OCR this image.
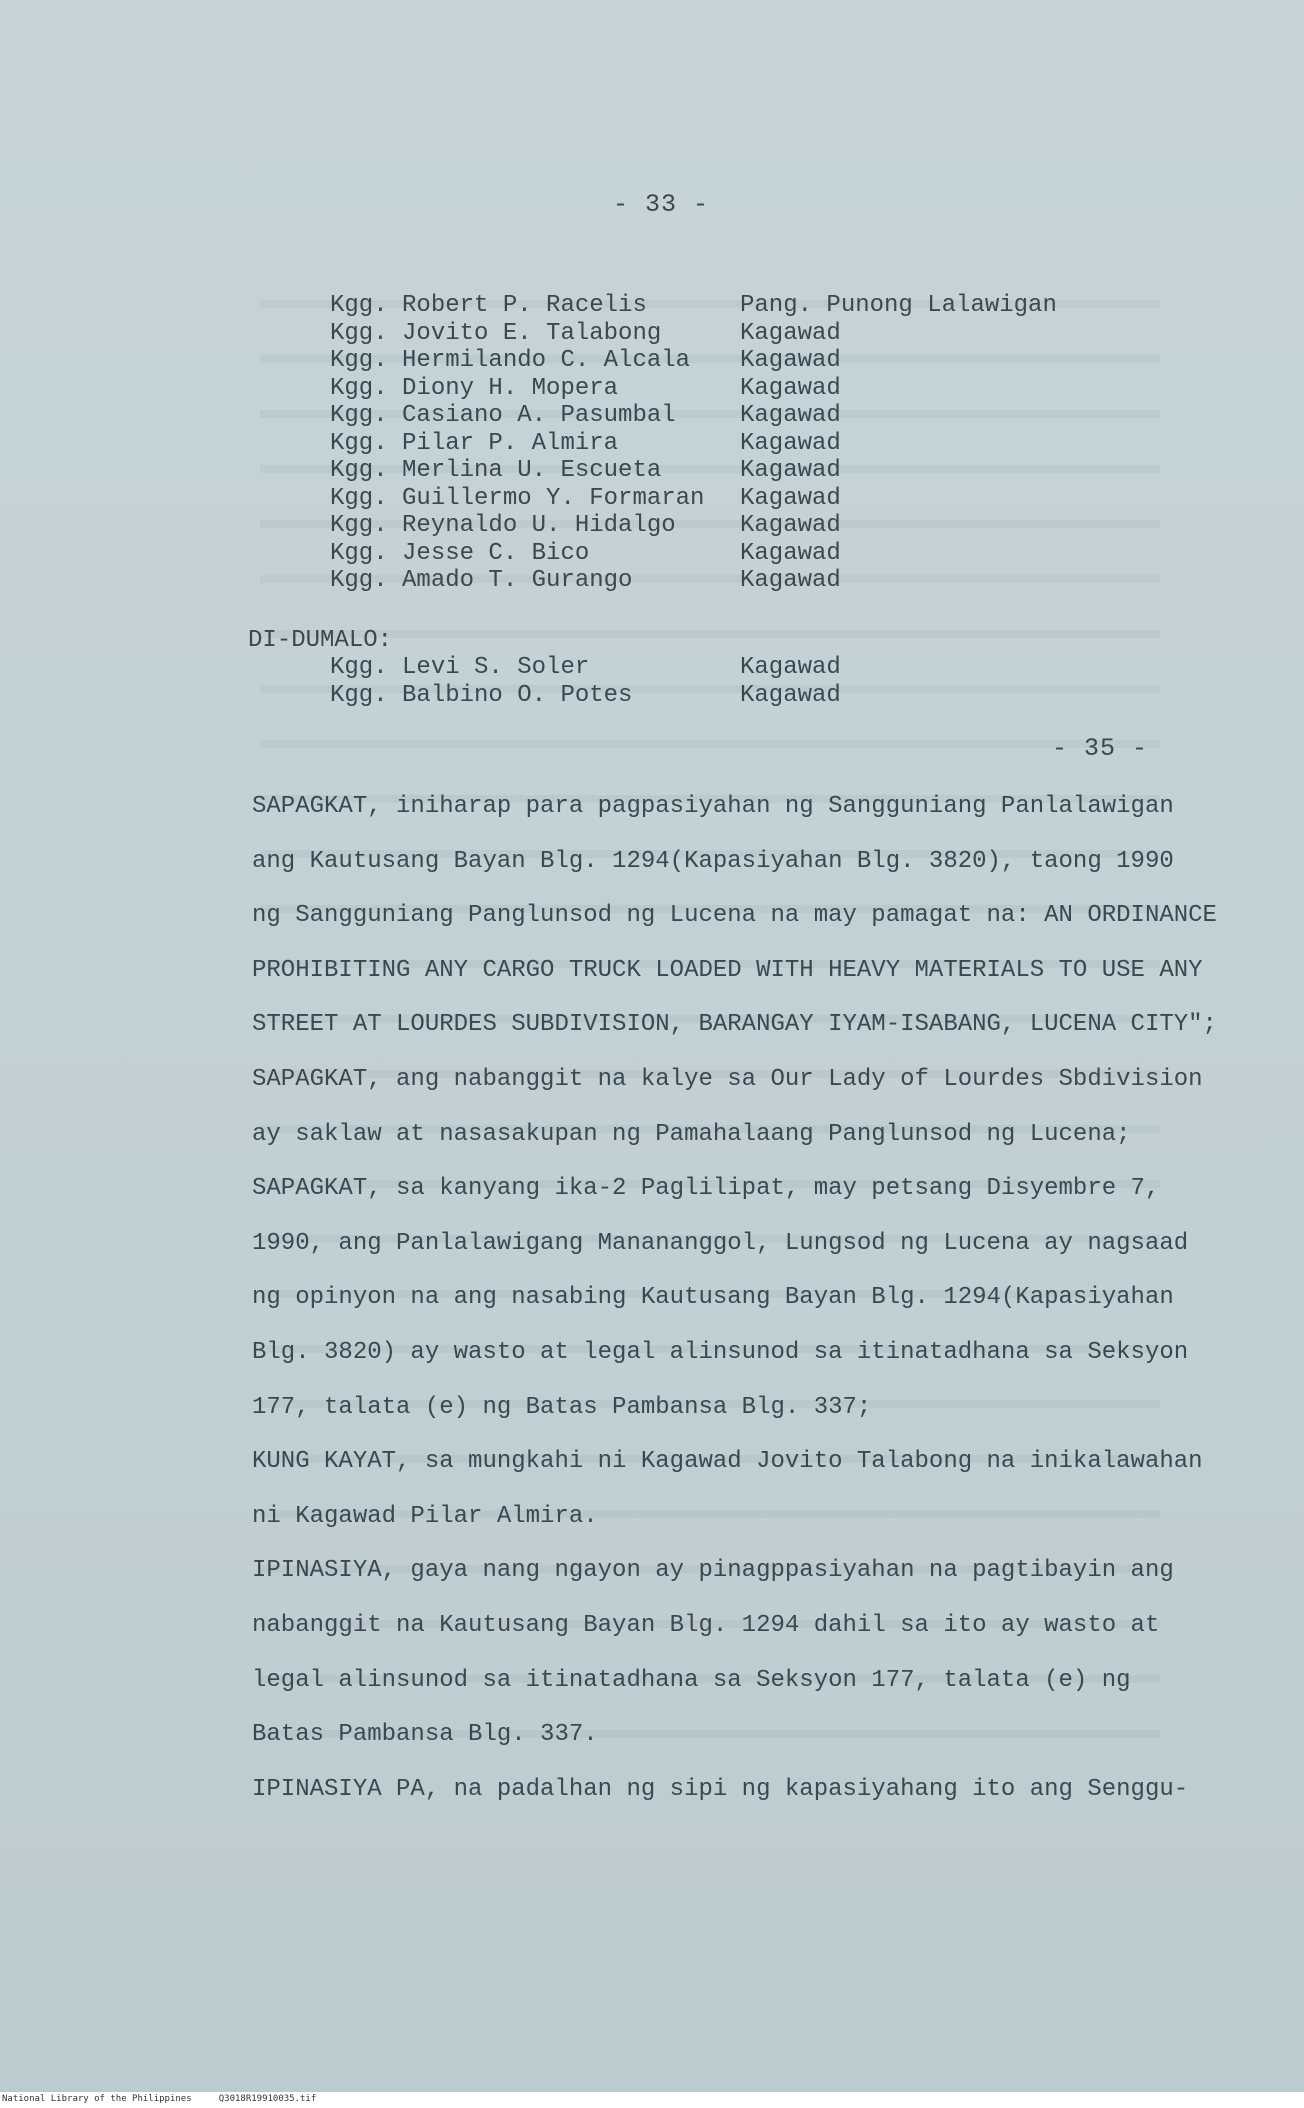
- 33 -
Kgg. Robert P. Racelis	Pang. Punong Lalawigan
Kgg. Jovito E. Talabong	Kagawad
Kgg. Hermilando C. Alcala	Kagawad
Kgg. Diony H. Mopera	Kagawad
Kgg. Casiano A. Pasumbal	Kagawad
Kgg. Pilar P. Almira	Kagawad
Kgg. Merlina U. Escueta	Kagawad
Kgg. Guillermo Y. Formaran	Kagawad
Kgg. Reynaldo U. Hidalgo	Kagawad
Kgg. Jesse C. Bico	Kagawad
Kgg. Amado T. Gurango	Kagawad
DI-DUMALO:
Kgg. Levi S. Soler	Kagawad
Kgg. Balbino O. Potes	Kagawad
- 35 -
SAPAGKAT, iniharap para pagpasiyahan ng Sangguniang Panlalawigan
ang Kautusang Bayan Blg. 1294(Kapasiyahan Blg. 3820), taong 1990
ng Sangguniang Panglunsod ng Lucena na may pamagat na: AN ORDINANCE
PROHIBITING ANY CARGO TRUCK LOADED WITH HEAVY MATERIALS TO USE ANY
STREET AT LOURDES SUBDIVISION, BARANGAY IYAM-ISABANG, LUCENA CITY";
SAPAGKAT, ang nabanggit na kalye sa Our Lady of Lourdes Sbdivision
ay saklaw at nasasakupan ng Pamahalaang Panglunsod ng Lucena;
SAPAGKAT, sa kanyang ika-2 Paglilipat, may petsang Disyembre 7,
1990, ang Panlalawigang Manananggol, Lungsod ng Lucena ay nagsaad
ng opinyon na ang nasabing Kautusang Bayan Blg. 1294(Kapasiyahan
Blg. 3820) ay wasto at legal alinsunod sa itinatadhana sa Seksyon
177, talata (e) ng Batas Pambansa Blg. 337;
KUNG KAYAT, sa mungkahi ni Kagawad Jovito Talabong na inikalawahan
ni Kagawad Pilar Almira.
IPINASIYA, gaya nang ngayon ay pinagppasiyahan na pagtibayin ang
nabanggit na Kautusang Bayan Blg. 1294 dahil sa ito ay wasto at
legal alinsunod sa itinatadhana sa Seksyon 177, talata (e) ng
Batas Pambansa Blg. 337.
IPINASIYA PA, na padalhan ng sipi ng kapasiyahang ito ang Senggu-
National Library of the Philippines     Q3018R19910035.tif
